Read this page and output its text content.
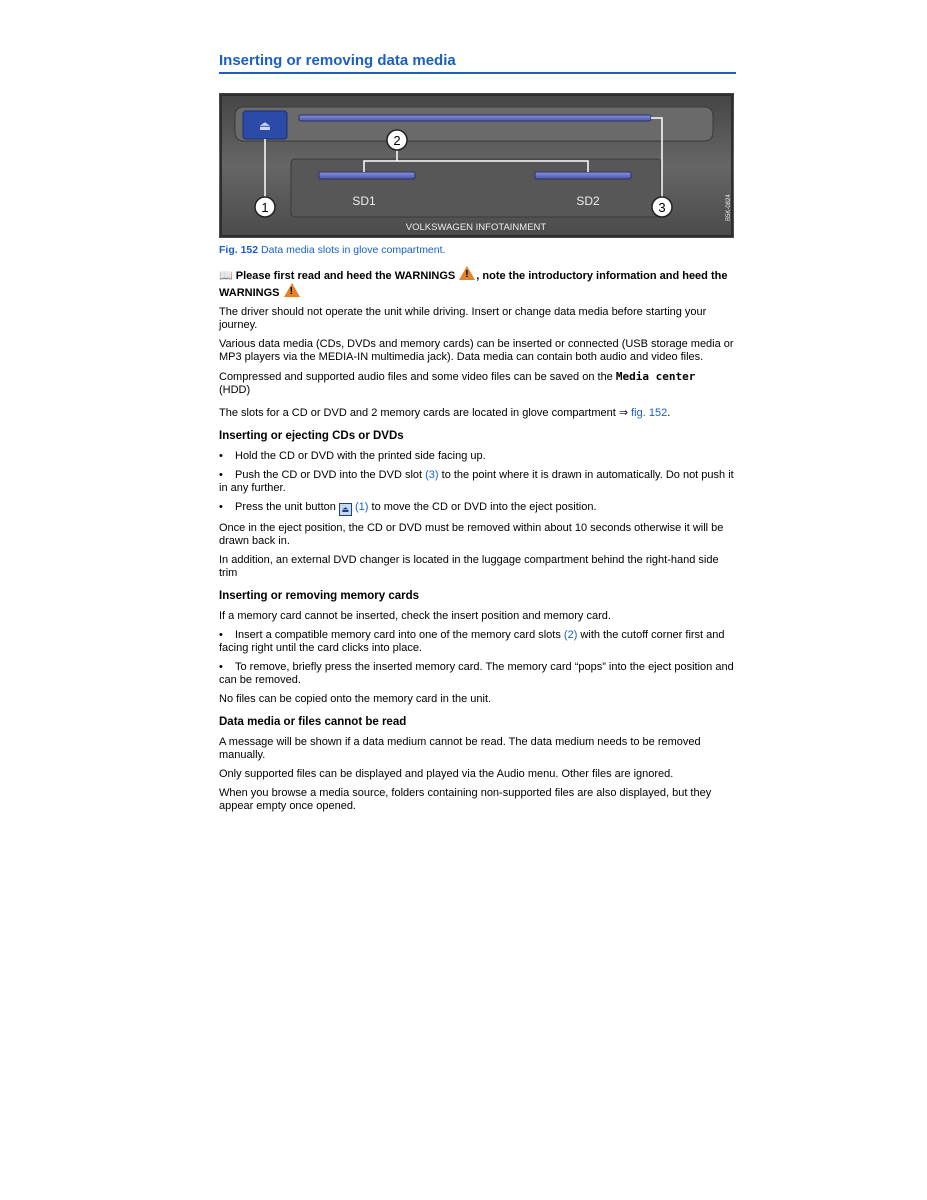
Inserting or removing data media
⏏
SD1	SD2
VOLKSWAGEN INFOTAINMENT
B5K-0824
1
2
3
Fig. 152 Data media slots in glove compartment.

📖 Please first read and heed the WARNINGS ! , note the introductory information and heed the WARNINGS !

The driver should not operate the unit while driving. Insert or change data media before starting your journey.

Various data media (CDs, DVDs and memory cards) can be inserted or connected (USB storage media or MP3 players via the MEDIA-IN multimedia jack). Data media can contain both audio and video files.

Compressed and supported audio files and some video files can be saved on the Media center
(HDD)

The slots for a CD or DVD and 2 memory cards are located in glove compartment ⇒ fig. 152.

Inserting or ejecting CDs or DVDs

• Hold the CD or DVD with the printed side facing up.

• Push the CD or DVD into the DVD slot (3) to the point where it is drawn in automatically. Do not push it in any further.

• Press the unit button ⏏ (1) to move the CD or DVD into the eject position.

Once in the eject position, the CD or DVD must be removed within about 10 seconds otherwise it will be drawn back in.

In addition, an external DVD changer is located in the luggage compartment behind the right-hand side trim

Inserting or removing memory cards

If a memory card cannot be inserted, check the insert position and memory card.

• Insert a compatible memory card into one of the memory card slots (2) with the cutoff corner first and facing right until the card clicks into place.

• To remove, briefly press the inserted memory card. The memory card “pops” into the eject position and can be removed.

No files can be copied onto the memory card in the unit.

Data media or files cannot be read

A message will be shown if a data medium cannot be read. The data medium needs to be removed manually.

Only supported files can be displayed and played via the Audio menu. Other files are ignored.

When you browse a media source, folders containing non-supported files are also displayed, but they appear empty once opened.
